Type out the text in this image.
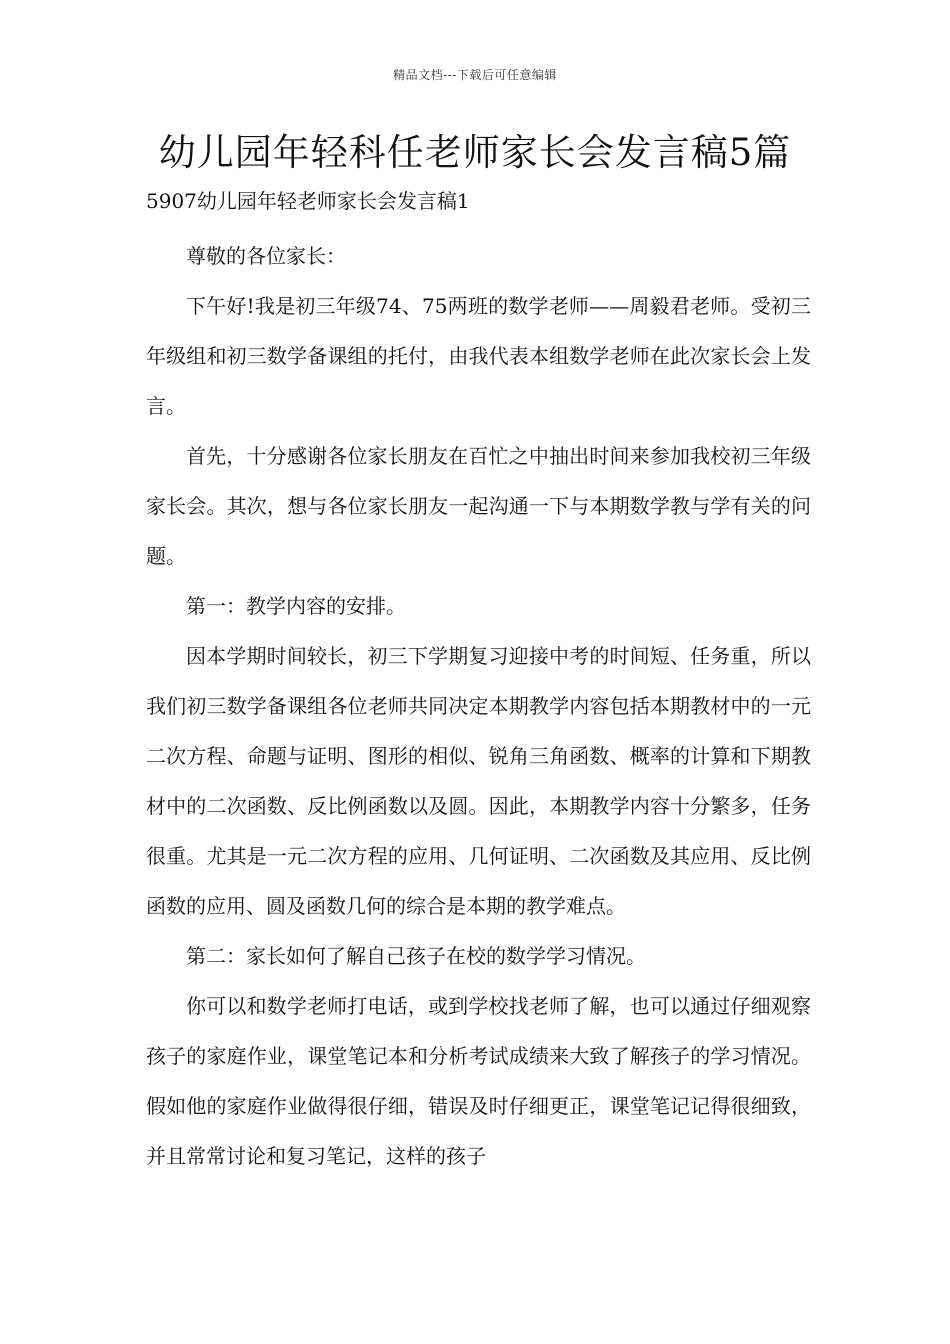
精品文档---下载后可任意编辑
幼儿园年轻科任老师家长会发言稿5篇

5907幼儿园年轻老师家长会发言稿1

尊敬的各位家长：

下午好!我是初三年级74、75两班的数学老师——周毅君老师。受初三年级组和初三数学备课组的托付，由我代表本组数学老师在此次家长会上发言。

首先，十分感谢各位家长朋友在百忙之中抽出时间来参加我校初三年级家长会。其次，想与各位家长朋友一起沟通一下与本期数学教与学有关的问题。

第一：教学内容的安排。

因本学期时间较长，初三下学期复习迎接中考的时间短、任务重，所以我们初三数学备课组各位老师共同决定本期教学内容包括本期教材中的一元二次方程、命题与证明、图形的相似、锐角三角函数、概率的计算和下期教材中的二次函数、反比例函数以及圆。因此，本期教学内容十分繁多，任务很重。尤其是一元二次方程的应用、几何证明、二次函数及其应用、反比例函数的应用、圆及函数几何的综合是本期的教学难点。

第二：家长如何了解自己孩子在校的数学学习情况。

你可以和数学老师打电话，或到学校找老师了解，也可以通过仔细观察孩子的家庭作业，课堂笔记本和分析考试成绩来大致了解孩子的学习情况。假如他的家庭作业做得很仔细，错误及时仔细更正，课堂笔记记得很细致，并且常常讨论和复习笔记，这样的孩子
